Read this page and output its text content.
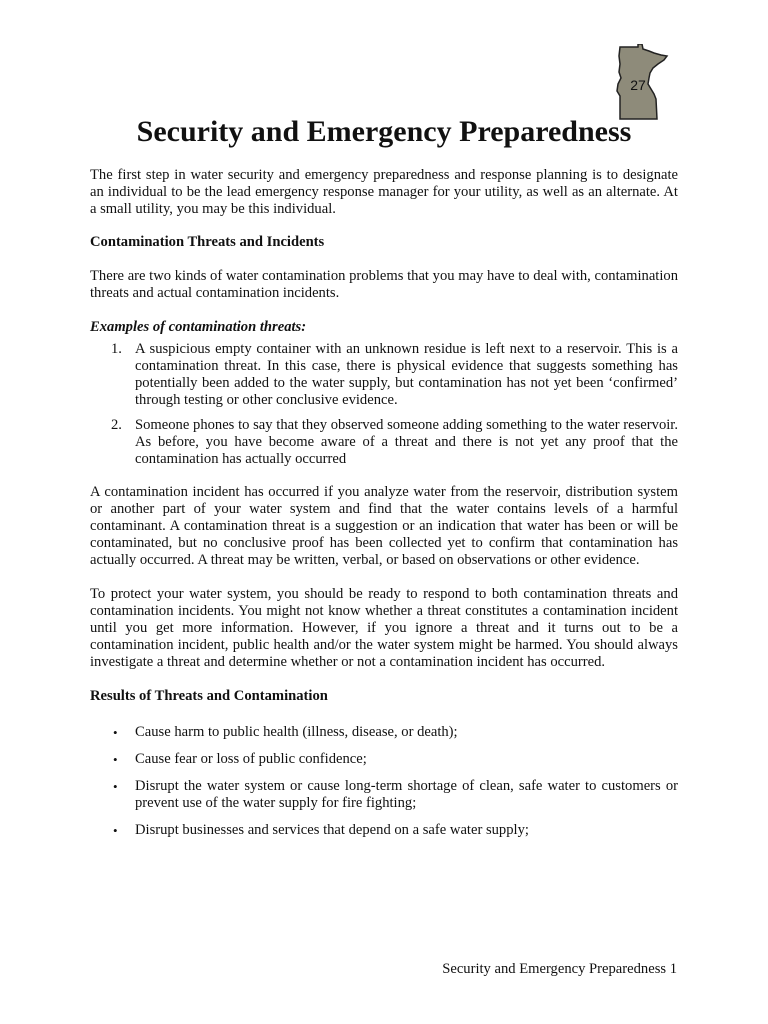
27
Security and Emergency Preparedness

The first step in water security and emergency preparedness and response planning is to designate an individual to be the lead emergency response manager for your utility, as well as an alternate. At a small utility, you may be this individual.

Contamination Threats and Incidents

There are two kinds of water contamination problems that you may have to deal with, contamination threats and actual contamination incidents.

Examples of contamination threats:
1. A suspicious empty container with an unknown residue is left next to a reservoir. This is a contamination threat. In this case, there is physical evidence that suggests something has potentially been added to the water supply, but contamination has not yet been ‘confirmed’ through testing or other conclusive evidence.
2. Someone phones to say that they observed someone adding something to the water reservoir. As before, you have become aware of a threat and there is not yet any proof that the contamination has actually occurred

A contamination incident has occurred if you analyze water from the reservoir, distribution system or another part of your water system and find that the water contains levels of a harmful contaminant. A contamination threat is a suggestion or an indication that water has been or will be contaminated, but no conclusive proof has been collected yet to confirm that contamination has actually occurred. A threat may be written, verbal, or based on observations or other evidence.

To protect your water system, you should be ready to respond to both contamination threats and contamination incidents. You might not know whether a threat constitutes a contamination incident until you get more information. However, if you ignore a threat and it turns out to be a contamination incident, public health and/or the water system might be harmed. You should always investigate a threat and determine whether or not a contamination incident has occurred.

Results of Threats and Contamination
• Cause harm to public health (illness, disease, or death);
• Cause fear or loss of public confidence;
• Disrupt the water system or cause long-term shortage of clean, safe water to customers or prevent use of the water supply for fire fighting;
• Disrupt businesses and services that depend on a safe water supply;
Security and Emergency Preparedness 1
